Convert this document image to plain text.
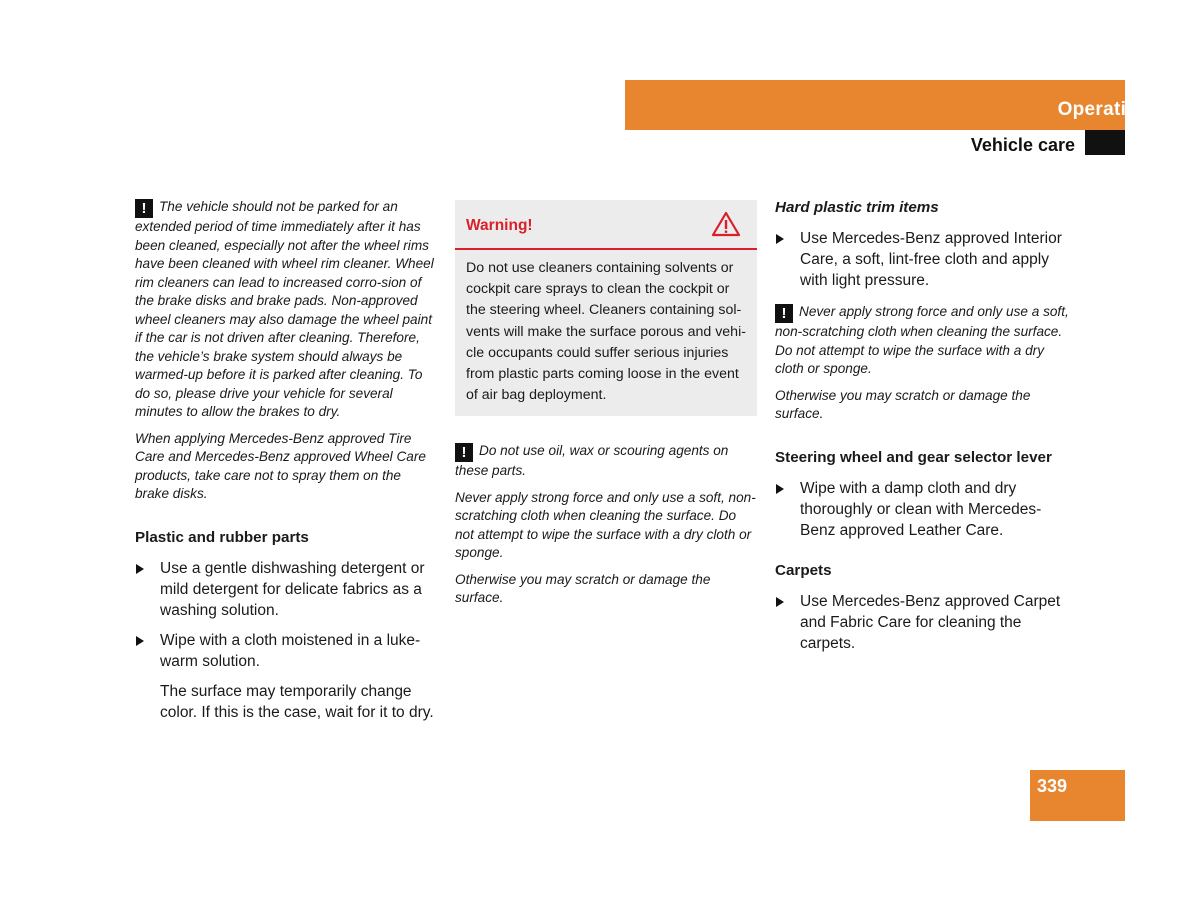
Operation
Vehicle care

! The vehicle should not be parked for an extended period of time immediately after it has been cleaned, especially not after the wheel rims have been cleaned with wheel rim cleaner. Wheel rim cleaners can lead to increased corro-sion of the brake disks and brake pads. Non-approved wheel cleaners may also damage the wheel paint if the car is not driven after cleaning. Therefore, the vehicle’s brake system should always be warmed-up before it is parked after cleaning. To do so, please drive your vehicle for several minutes to allow the brakes to dry.

When applying Mercedes-Benz approved Tire Care and Mercedes-Benz approved Wheel Care products, take care not to spray them on the brake disks.

Plastic and rubber parts

Use a gentle dishwashing detergent or mild detergent for delicate fabrics as a washing solution.
Wipe with a cloth moistened in a luke-warm solution.

The surface may temporarily change color. If this is the case, wait for it to dry.

Warning!

Do not use cleaners containing solvents or cockpit care sprays to clean the cockpit or the steering wheel. Cleaners containing sol-vents will make the surface porous and vehi-cle occupants could suffer serious injuries from plastic parts coming loose in the event of air bag deployment.

! Do not use oil, wax or scouring agents on these parts.

Never apply strong force and only use a soft, non-scratching cloth when cleaning the surface. Do not attempt to wipe the surface with a dry cloth or sponge.

Otherwise you may scratch or damage the surface.

Hard plastic trim items

Use Mercedes-Benz approved Interior Care, a soft, lint-free cloth and apply with light pressure.

! Never apply strong force and only use a soft, non-scratching cloth when cleaning the surface. Do not attempt to wipe the surface with a dry cloth or sponge.

Otherwise you may scratch or damage the surface.

Steering wheel and gear selector lever

Wipe with a damp cloth and dry thoroughly or clean with Mercedes-Benz approved Leather Care.

Carpets

Use Mercedes-Benz approved Carpet and Fabric Care for cleaning the carpets.
339
